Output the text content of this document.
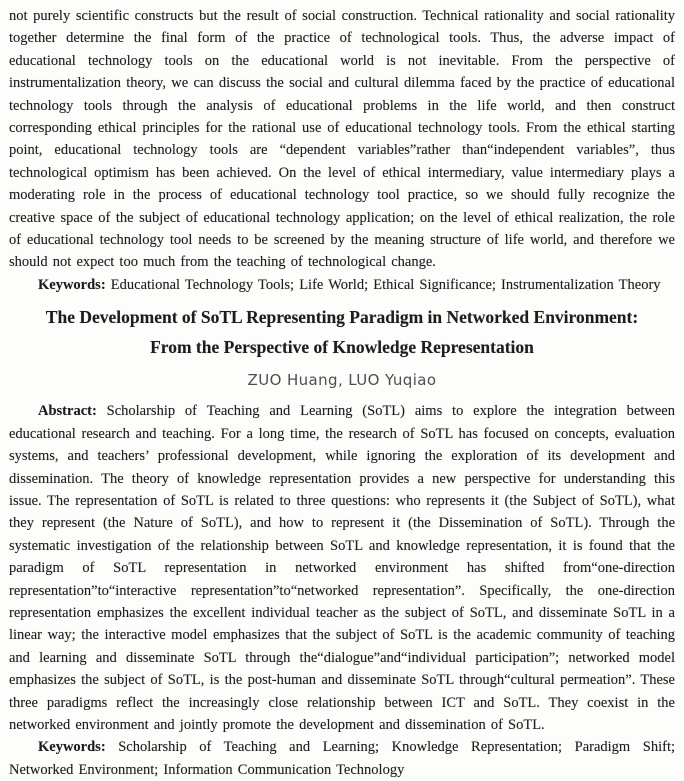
not purely scientific constructs but the result of social construction. Technical rationality and social rationality together determine the final form of the practice of technological tools. Thus, the adverse impact of educational technology tools on the educational world is not inevitable. From the perspective of instrumentalization theory, we can discuss the social and cultural dilemma faced by the practice of educational technology tools through the analysis of educational problems in the life world, and then construct corresponding ethical principles for the rational use of educational technology tools. From the ethical starting point, educational technology tools are “dependent variables”rather than“independent variables”, thus technological optimism has been achieved. On the level of ethical intermediary, value intermediary plays a moderating role in the process of educational technology tool practice, so we should fully recognize the creative space of the subject of educational technology application; on the level of ethical realization, the role of educational technology tool needs to be screened by the meaning structure of life world, and therefore we should not expect too much from the teaching of technological change.

Keywords: Educational Technology Tools; Life World; Ethical Significance; Instrumentalization Theory

The Development of SoTL Representing Paradigm in Networked Environment:
From the Perspective of Knowledge Representation
ZUO Huang, LUO Yuqiao

Abstract: Scholarship of Teaching and Learning (SoTL) aims to explore the integration between educational research and teaching. For a long time, the research of SoTL has focused on concepts, evaluation systems, and teachers’ professional development, while ignoring the exploration of its development and dissemination. The theory of knowledge representation provides a new perspective for understanding this issue. The representation of SoTL is related to three questions: who represents it (the Subject of SoTL), what they represent (the Nature of SoTL), and how to represent it (the Dissemination of SoTL). Through the systematic investigation of the relationship between SoTL and knowledge representation, it is found that the paradigm of SoTL representation in networked environment has shifted from“one-direction representation”to“interactive representation”to“networked representation”. Specifically, the one-direction representation emphasizes the excellent individual teacher as the subject of SoTL, and disseminate SoTL in a linear way; the interactive model emphasizes that the subject of SoTL is the academic community of teaching and learning and disseminate SoTL through the“dialogue”and“individual participation”; networked model emphasizes the subject of SoTL, is the post-human and disseminate SoTL through“cultural permeation”. These three paradigms reflect the increasingly close relationship between ICT and SoTL. They coexist in the networked environment and jointly promote the development and dissemination of SoTL.

Keywords: Scholarship of Teaching and Learning; Knowledge Representation; Paradigm Shift; Networked Environment; Information Communication Technology
